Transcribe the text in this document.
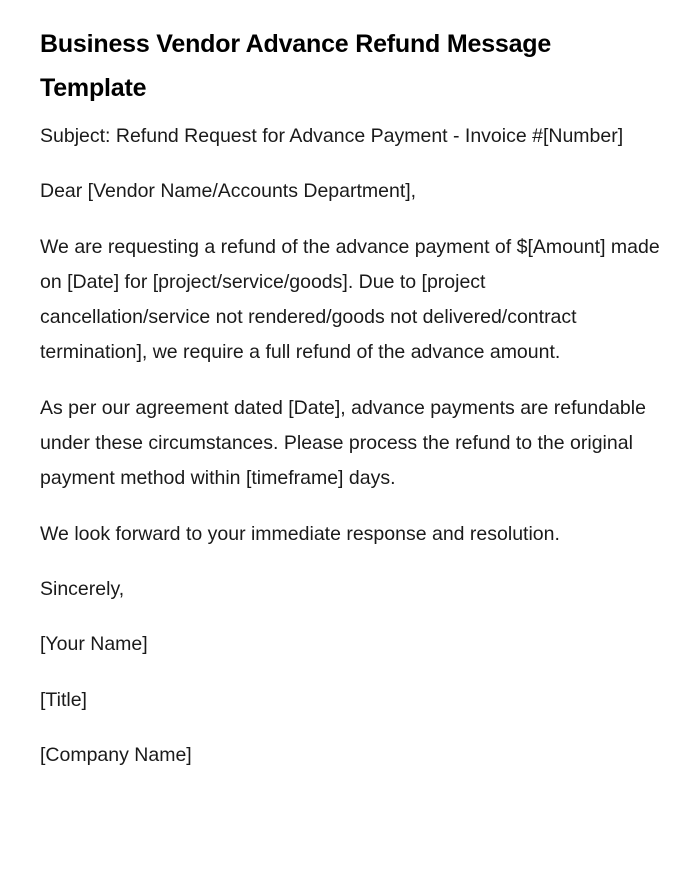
Business Vendor Advance Refund Message Template

Subject: Refund Request for Advance Payment - Invoice #[Number]

Dear [Vendor Name/Accounts Department],

We are requesting a refund of the advance payment of $[Amount] made on [Date] for [project/service/goods]. Due to [project cancellation/service not rendered/goods not delivered/contract termination], we require a full refund of the advance amount.

As per our agreement dated [Date], advance payments are refundable under these circumstances. Please process the refund to the original payment method within [timeframe] days.

We look forward to your immediate response and resolution.

Sincerely,

[Your Name]

[Title]

[Company Name]
